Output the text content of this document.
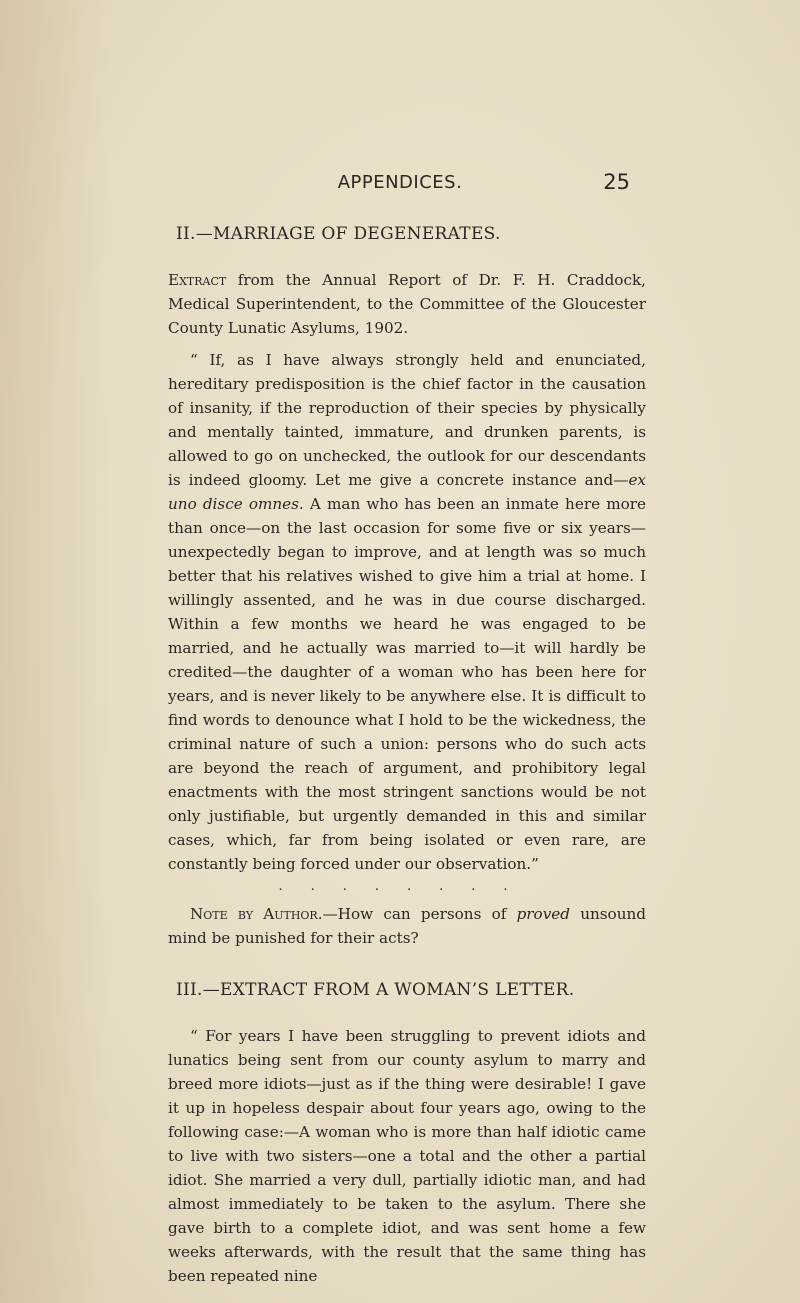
APPENDICES.	25
II.—MARRIAGE OF DEGENERATES.

Extract from the Annual Report of Dr. F. H. Craddock, Medical Superintendent, to the Committee of the Gloucester County Lunatic Asylums, 1902.

“ If, as I have always strongly held and enunciated, hereditary predisposition is the chief factor in the causation of insanity, if the reproduction of their species by physically and mentally tainted, immature, and drunken parents, is allowed to go on unchecked, the outlook for our descendants is indeed gloomy. Let me give a concrete instance and—ex uno disce omnes. A man who has been an inmate here more than once—on the last occasion for some five or six years—unexpectedly began to improve, and at length was so much better that his relatives wished to give him a trial at home. I willingly assented, and he was in due course discharged. Within a few months we heard he was engaged to be married, and he actually was married to—it will hardly be credited—the daughter of a woman who has been here for years, and is never likely to be anywhere else. It is difficult to find words to denounce what I hold to be the wickedness, the criminal nature of such a union: persons who do such acts are beyond the reach of argument, and prohibitory legal enactments with the most stringent sanctions would be not only justifiable, but urgently demanded in this and similar cases, which, far from being isolated or even rare, are constantly being forced under our observation.”

........

Note by Author.—How can persons of proved unsound mind be punished for their acts?

III.—EXTRACT FROM A WOMAN’S LETTER.

“ For years I have been struggling to prevent idiots and lunatics being sent from our county asylum to marry and breed more idiots—just as if the thing were desirable! I gave it up in hopeless despair about four years ago, owing to the following case:—A woman who is more than half idiotic came to live with two sisters—one a total and the other a partial idiot. She married a very dull, partially idiotic man, and had almost immediately to be taken to the asylum. There she gave birth to a complete idiot, and was sent home a few weeks afterwards, with the result that the same thing has been repeated nine
